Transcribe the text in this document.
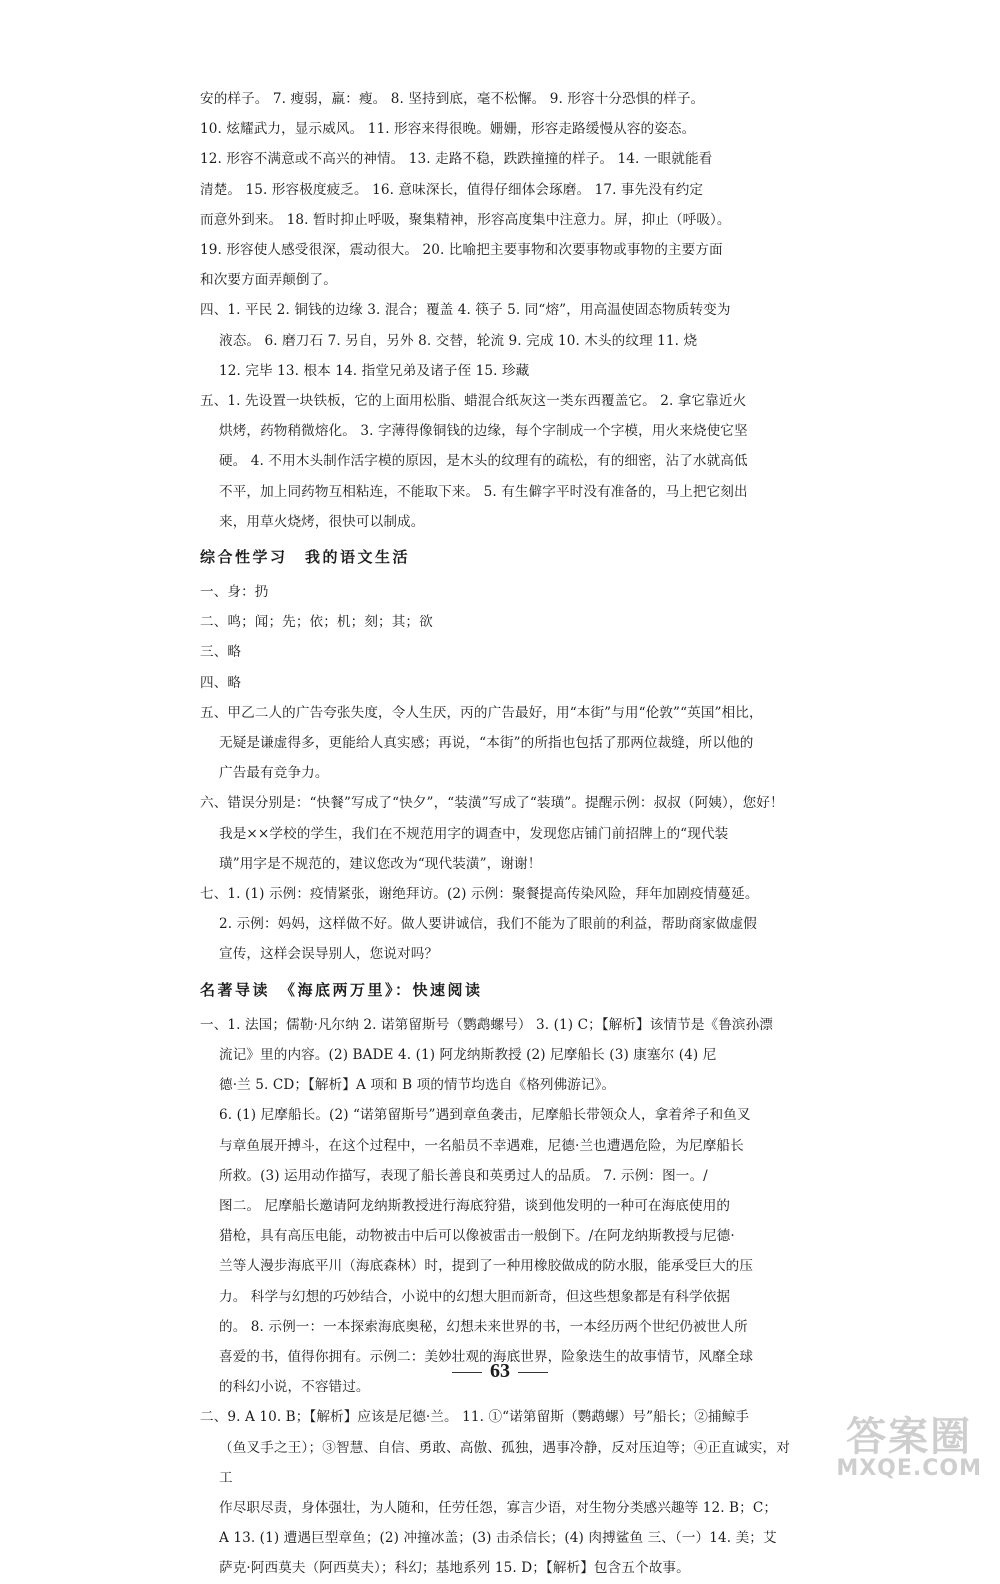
安的样子。 7. 瘦弱，羸：瘦。 8. 坚持到底，毫不松懈。 9. 形容十分恐惧的样子。

10. 炫耀武力，显示威风。 11. 形容来得很晚。姗姗，形容走路缓慢从容的姿态。

12. 形容不满意或不高兴的神情。 13. 走路不稳，跌跌撞撞的样子。 14. 一眼就能看

清楚。 15. 形容极度疲乏。 16. 意味深长，值得仔细体会琢磨。 17. 事先没有约定

而意外到来。 18. 暂时抑止呼吸，聚集精神，形容高度集中注意力。屏，抑止（呼吸）。

19. 形容使人感受很深，震动很大。 20. 比喻把主要事物和次要事物或事物的主要方面

和次要方面弄颠倒了。

四、1. 平民 2. 铜钱的边缘 3. 混合；覆盖 4. 筷子 5. 同“熔”，用高温使固态物质转变为

液态。 6. 磨刀石 7. 另自，另外 8. 交替，轮流 9. 完成 10. 木头的纹理 11. 烧

12. 完毕 13. 根本 14. 指堂兄弟及诸子侄 15. 珍藏

五、1. 先设置一块铁板，它的上面用松脂、蜡混合纸灰这一类东西覆盖它。 2. 拿它靠近火

烘烤，药物稍微熔化。 3. 字薄得像铜钱的边缘，每个字制成一个字模，用火来烧使它坚

硬。 4. 不用木头制作活字模的原因，是木头的纹理有的疏松，有的细密，沾了水就高低

不平，加上同药物互相粘连，不能取下来。 5. 有生僻字平时没有准备的，马上把它刻出

来，用草火烧烤，很快可以制成。

综合性学习　我的语文生活

一、身：扔

二、鸣；闻；先；依；机；刻；其；欲

三、略

四、略

五、甲乙二人的广告夸张失度，令人生厌，丙的广告最好，用“本街”与用“伦敦”“英国”相比，

无疑是谦虚得多，更能给人真实感；再说，“本街”的所指也包括了那两位裁缝，所以他的

广告最有竞争力。

六、错误分别是：“快餐”写成了“快夕”，“装潢”写成了“装璜”。提醒示例：叔叔（阿姨），您好！

我是××学校的学生，我们在不规范用字的调查中，发现您店铺门前招牌上的“现代装

璜”用字是不规范的，建议您改为“现代装潢”，谢谢！

七、1. (1) 示例：疫情紧张，谢绝拜访。(2) 示例：聚餐提高传染风险，拜年加剧疫情蔓延。

2. 示例：妈妈，这样做不好。做人要讲诚信，我们不能为了眼前的利益，帮助商家做虚假

宣传，这样会误导别人，您说对吗？

名著导读　《海底两万里》：快速阅读

一、1. 法国；儒勒·凡尔纳 2. 诺第留斯号（鹦鹉螺号） 3. (1) C；【解析】该情节是《鲁滨孙漂

流记》里的内容。(2) BADE 4. (1) 阿龙纳斯教授 (2) 尼摩船长 (3) 康塞尔 (4) 尼

德·兰 5. CD；【解析】A 项和 B 项的情节均选自《格列佛游记》。

6. (1) 尼摩船长。(2) “诺第留斯号”遇到章鱼袭击，尼摩船长带领众人，拿着斧子和鱼叉

与章鱼展开搏斗，在这个过程中，一名船员不幸遇难，尼德·兰也遭遇危险，为尼摩船长

所救。(3) 运用动作描写，表现了船长善良和英勇过人的品质。 7. 示例：图一。/

图二。 尼摩船长邀请阿龙纳斯教授进行海底狩猎，谈到他发明的一种可在海底使用的

猎枪，具有高压电能，动物被击中后可以像被雷击一般倒下。/在阿龙纳斯教授与尼德·

兰等人漫步海底平川（海底森林）时，提到了一种用橡胶做成的防水服，能承受巨大的压

力。 科学与幻想的巧妙结合，小说中的幻想大胆而新奇，但这些想象都是有科学依据

的。 8. 示例一：一本探索海底奥秘，幻想未来世界的书，一本经历两个世纪仍被世人所

喜爱的书，值得你拥有。示例二：美妙壮观的海底世界，险象迭生的故事情节，风靡全球

的科幻小说，不容错过。

二、9. A 10. B；【解析】应该是尼德·兰。 11. ①“诺第留斯（鹦鹉螺）号”船长；②捕鲸手

（鱼叉手之王）；③智慧、自信、勇敢、高傲、孤独，遇事冷静，反对压迫等；④正直诚实，对工

作尽职尽责，身体强壮，为人随和，任劳任怨，寡言少语，对生物分类感兴趣等 12. B；C；

A 13. (1) 遭遇巨型章鱼；(2) 冲撞冰盖；(3) 击杀信长；(4) 肉搏鲨鱼 三、（一）14. 美；艾

萨克·阿西莫夫（阿西莫夫）；科幻；基地系列 15. D；【解析】包含五个故事。

63
答案圈
MXQE.COM
